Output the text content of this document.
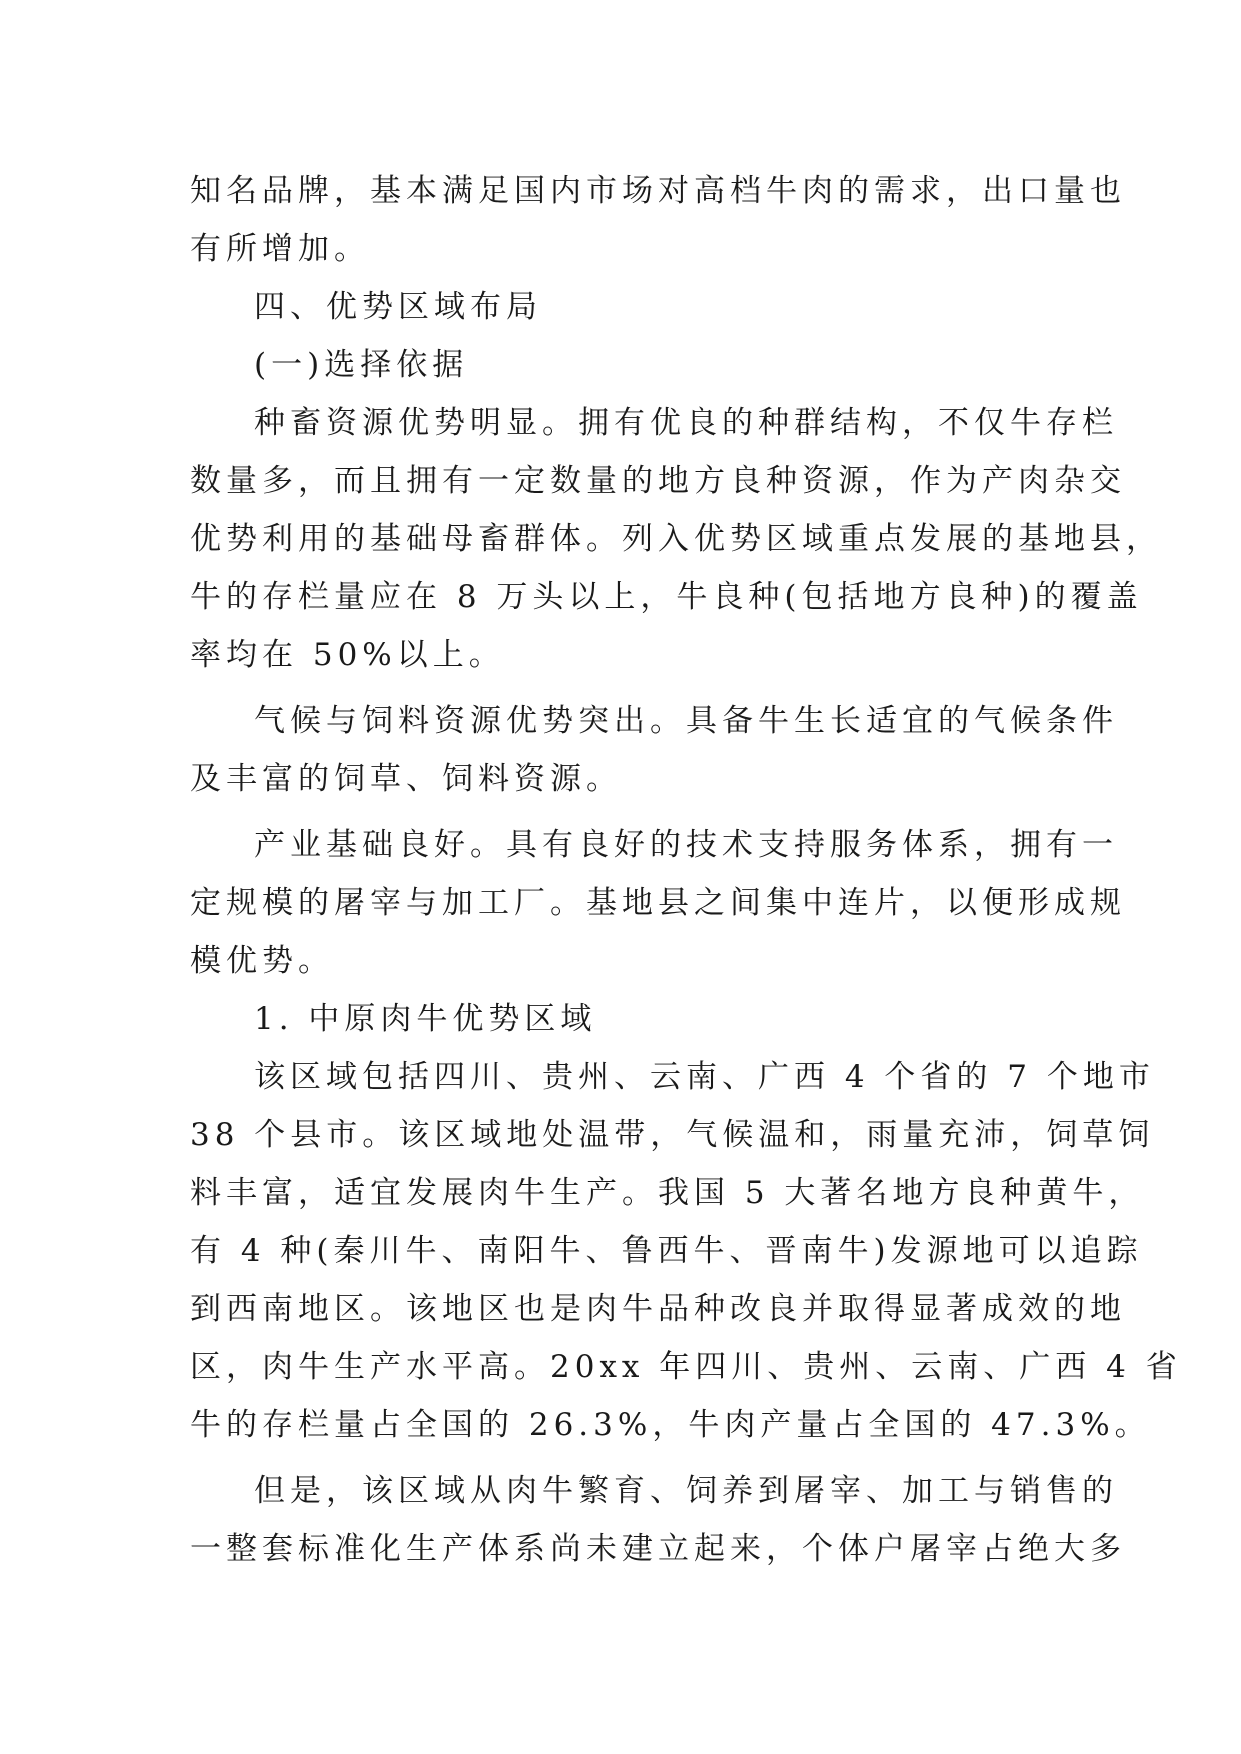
知名品牌，基本满足国内市场对高档牛肉的需求，出口量也
有所增加。
四、优势区域布局
(一)选择依据
种畜资源优势明显。拥有优良的种群结构，不仅牛存栏
数量多，而且拥有一定数量的地方良种资源，作为产肉杂交
优势利用的基础母畜群体。列入优势区域重点发展的基地县，
牛的存栏量应在 8 万头以上，牛良种(包括地方良种)的覆盖
率均在 50%以上。
气候与饲料资源优势突出。具备牛生长适宜的气候条件
及丰富的饲草、饲料资源。
产业基础良好。具有良好的技术支持服务体系，拥有一
定规模的屠宰与加工厂。基地县之间集中连片，以便形成规
模优势。
1. 中原肉牛优势区域
该区域包括四川、贵州、云南、广西 4 个省的 7 个地市
38 个县市。该区域地处温带，气候温和，雨量充沛，饲草饲
料丰富，适宜发展肉牛生产。我国 5 大著名地方良种黄牛，
有 4 种(秦川牛、南阳牛、鲁西牛、晋南牛)发源地可以追踪
到西南地区。该地区也是肉牛品种改良并取得显著成效的地
区，肉牛生产水平高。20xx 年四川、贵州、云南、广西 4 省
牛的存栏量占全国的 26.3%，牛肉产量占全国的 47.3%。
但是，该区域从肉牛繁育、饲养到屠宰、加工与销售的
一整套标准化生产体系尚未建立起来，个体户屠宰占绝大多
